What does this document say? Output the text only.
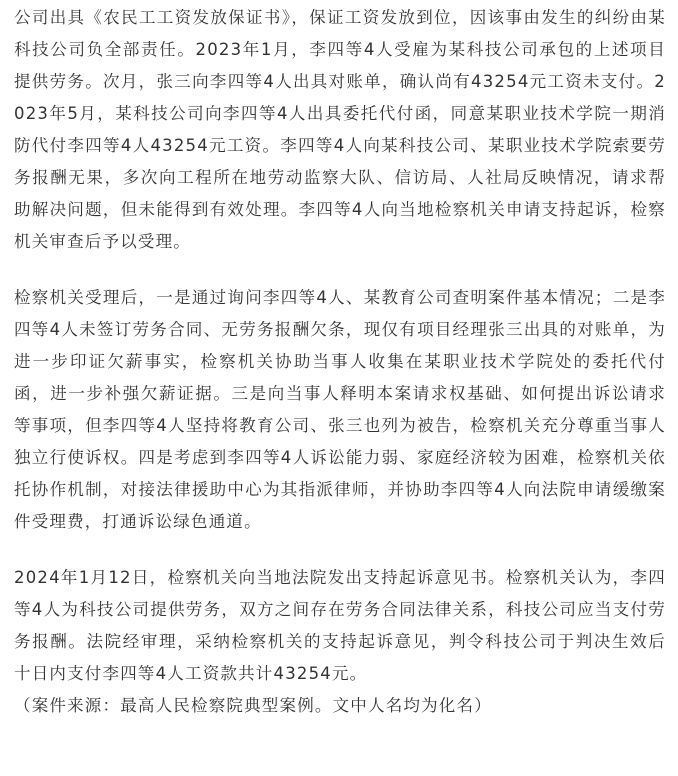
公司出具《农民工工资发放保证书》，保证工资发放到位，因该事由发生的纠纷由某科技公司负全部责任。2023年1月，李四等4人受雇为某科技公司承包的上述项目提供劳务。次月，张三向李四等4人出具对账单，确认尚有43254元工资未支付。2023年5月，某科技公司向李四等4人出具委托代付函，同意某职业技术学院一期消防代付李四等4人43254元工资。李四等4人向某科技公司、某职业技术学院索要劳务报酬无果，多次向工程所在地劳动监察大队、信访局、人社局反映情况，请求帮助解决问题，但未能得到有效处理。李四等4人向当地检察机关申请支持起诉，检察机关审查后予以受理。

检察机关受理后，一是通过询问李四等4人、某教育公司查明案件基本情况；二是李四等4人未签订劳务合同、无劳务报酬欠条，现仅有项目经理张三出具的对账单，为进一步印证欠薪事实，检察机关协助当事人收集在某职业技术学院处的委托代付函，进一步补强欠薪证据。三是向当事人释明本案请求权基础、如何提出诉讼请求等事项，但李四等4人坚持将教育公司、张三也列为被告，检察机关充分尊重当事人独立行使诉权。四是考虑到李四等4人诉讼能力弱、家庭经济较为困难，检察机关依托协作机制，对接法律援助中心为其指派律师，并协助李四等4人向法院申请缓缴案件受理费，打通诉讼绿色通道。

2024年1月12日，检察机关向当地法院发出支持起诉意见书。检察机关认为，李四等4人为科技公司提供劳务，双方之间存在劳务合同法律关系，科技公司应当支付劳务报酬。法院经审理，采纳检察机关的支持起诉意见，判令科技公司于判决生效后十日内支付李四等4人工资款共计43254元。

（案件来源：最高人民检察院典型案例。文中人名均为化名）
